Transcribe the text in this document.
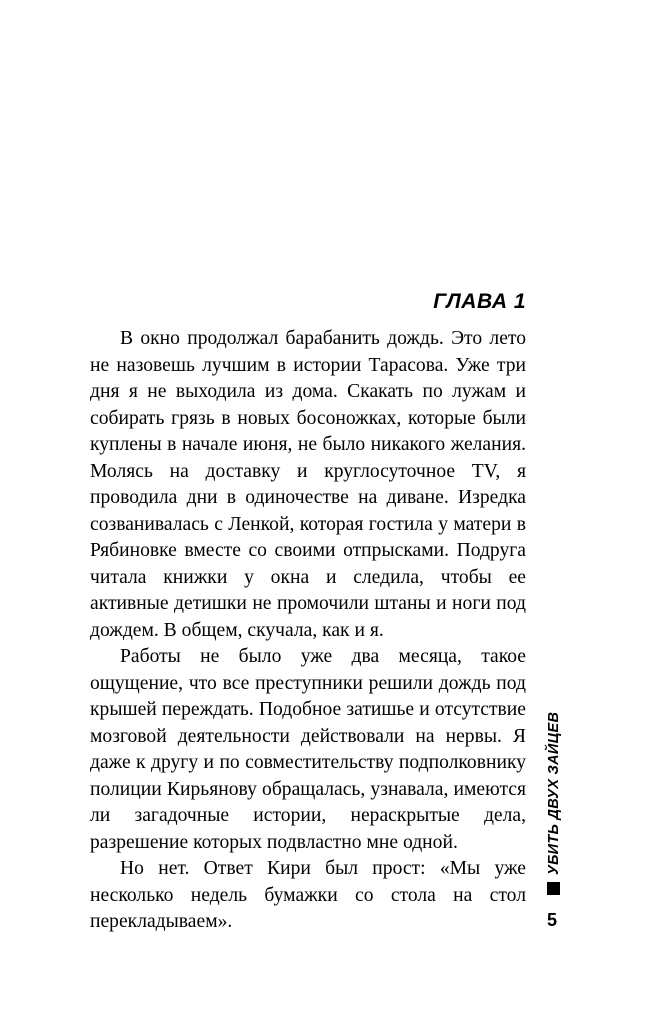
ГЛАВА 1

В окно продолжал барабанить дождь. Это лето не назовешь лучшим в истории Тарасова. Уже три дня я не выходила из дома. Скакать по лужам и собирать грязь в новых босоножках, которые были куплены в начале июня, не было никакого желания. Молясь на доставку и круглосуточное TV, я проводила дни в одиночестве на диване. Изредка созванивалась с Ленкой, которая гостила у матери в Рябиновке вместе со своими отпрысками. Подруга читала книжки у окна и следила, чтобы ее активные детишки не промочили штаны и ноги под дождем. В общем, скучала, как и я.

Работы не было уже два месяца, такое ощущение, что все преступники решили дождь под крышей переждать. Подобное затишье и отсутствие мозговой деятельности действовали на нервы. Я даже к другу и по совместительству подполковнику полиции Кирьянову обращалась, узнавала, имеются ли загадочные истории, нераскрытые дела, разрешение которых подвластно мне одной.

Но нет. Ответ Кири был прост: «Мы уже несколько недель бумажки со стола на стол перекладываем».

УБИТЬ ДВУХ ЗАЙЦЕВ
5
